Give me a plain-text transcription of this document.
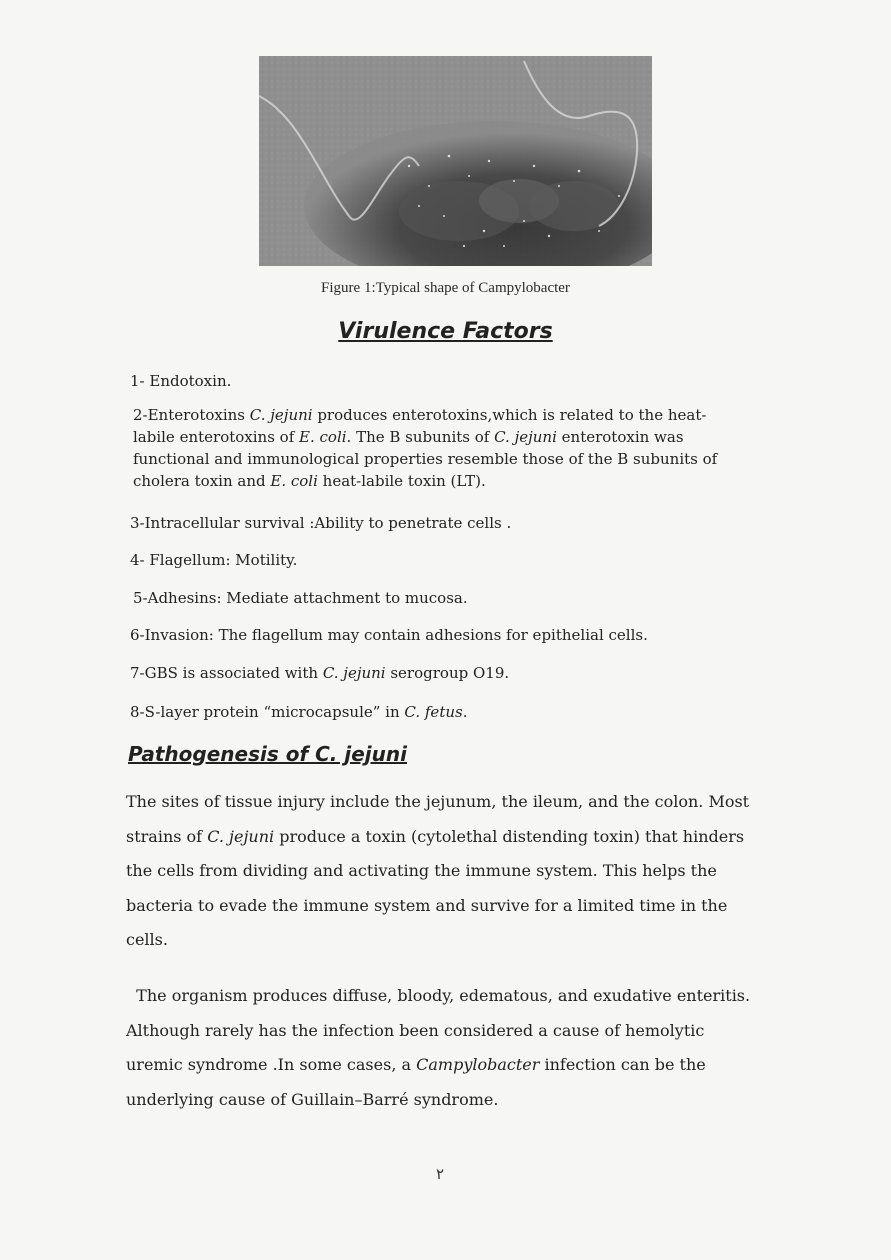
Figure 1:Typical shape of Campylobacter
Virulence Factors
1- Endotoxin.
2-Enterotoxins C. jejuni produces enterotoxins,which is related to the heat-labile enterotoxins of E. coli. The B subunits of C. jejuni enterotoxin was functional and immunological properties resemble those of the B subunits of cholera toxin and E. coli heat-labile toxin (LT).
3-Intracellular survival :Ability to penetrate cells .
4- Flagellum: Motility.
5-Adhesins: Mediate attachment to mucosa.
6-Invasion: The flagellum may contain adhesions for epithelial cells.
7-GBS is associated with C. jejuni serogroup O19.
8-S-layer protein “microcapsule” in C. fetus.
Pathogenesis of C. jejuni
The sites of tissue injury include the jejunum, the ileum, and the colon. Most strains of C. jejuni produce a toxin (cytolethal distending toxin) that hinders the cells from dividing and activating the immune system. This helps the bacteria to evade the immune system and survive for a limited time in the cells.
The organism produces diffuse, bloody, edematous, and exudative enteritis. Although rarely has the infection been considered a cause of hemolytic uremic syndrome .In some cases, a Campylobacter infection can be the underlying cause of Guillain–Barré syndrome.
٢
